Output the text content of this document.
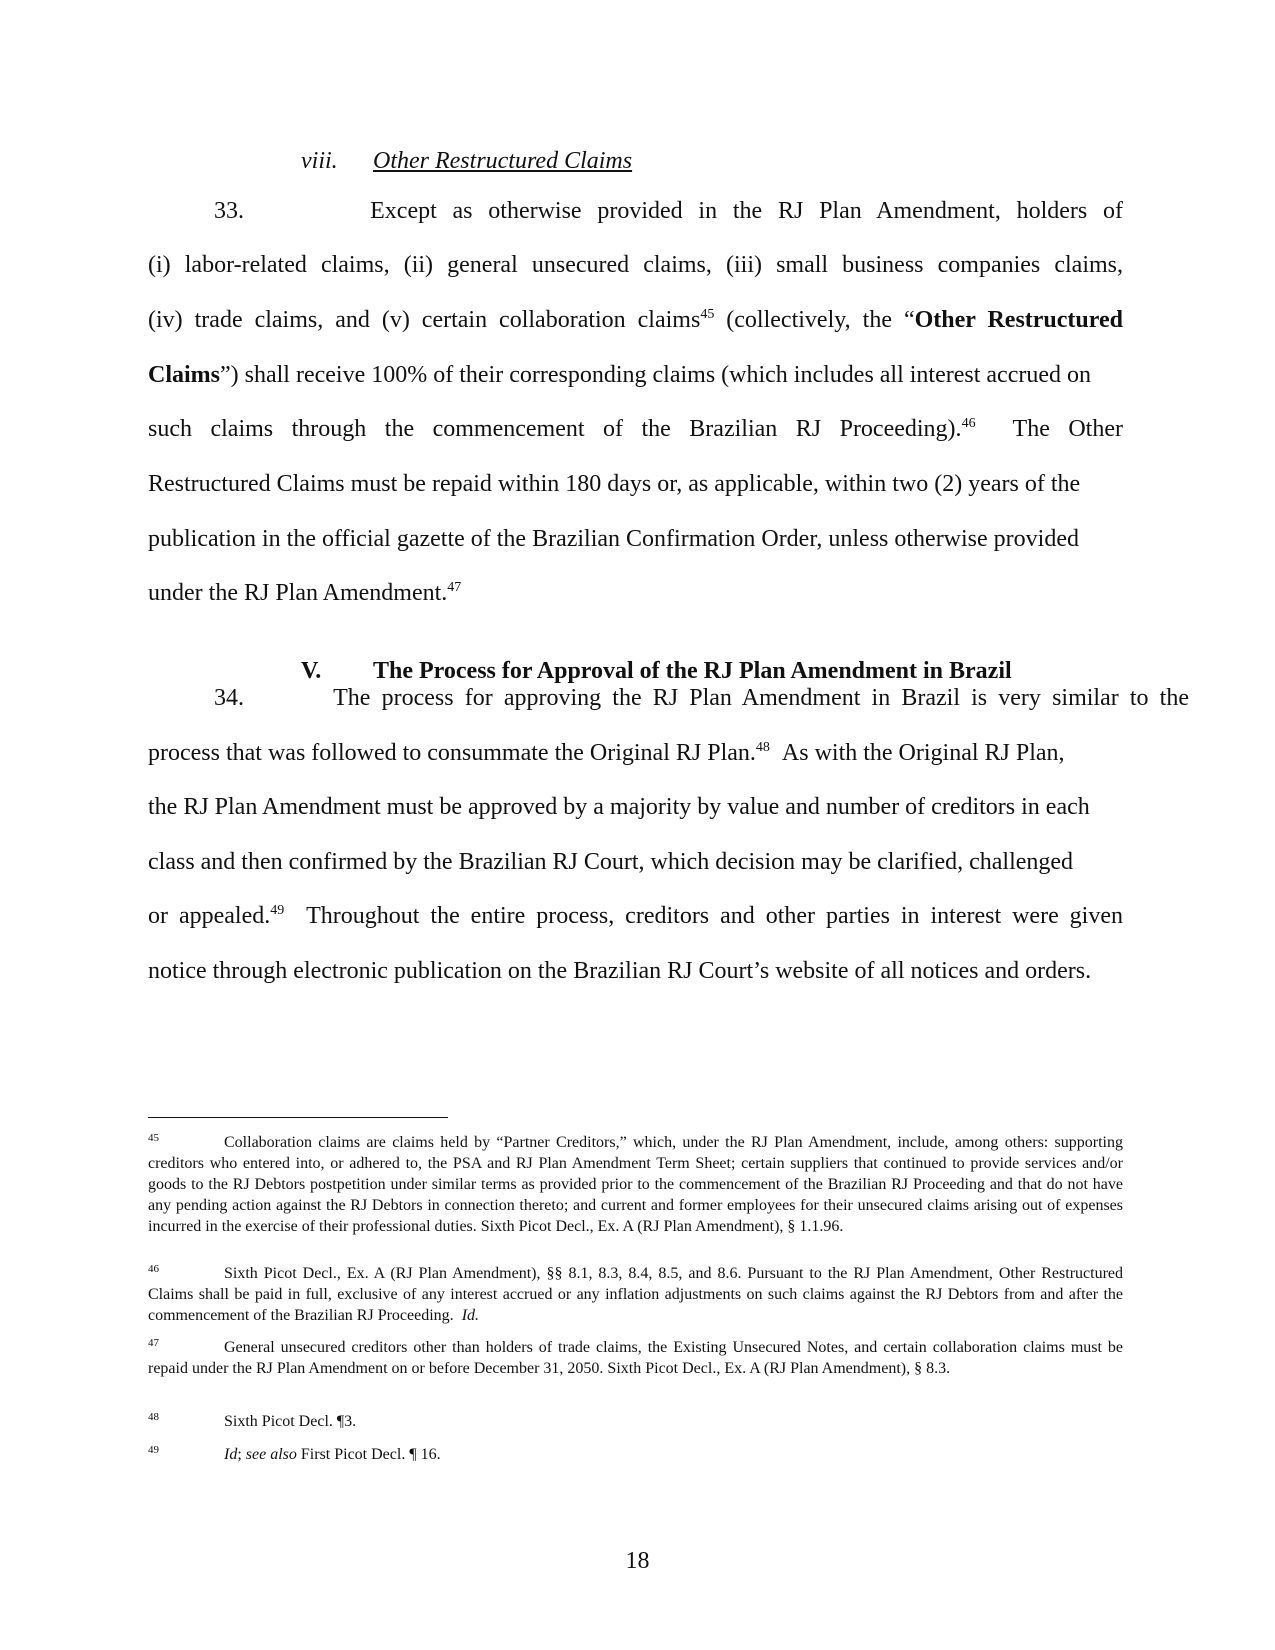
viii. Other Restructured Claims
33.        Except as otherwise provided in the RJ Plan Amendment, holders of
(i) labor-related claims, (ii) general unsecured claims, (iii) small business companies claims,
(iv) trade claims, and (v) certain collaboration claims$^{45}$ (collectively, the “Other Restructured
Claims”) shall receive 100% of their corresponding claims (which includes all interest accrued on
such claims through the commencement of the Brazilian RJ Proceeding).$^{46}$  The Other
Restructured Claims must be repaid within 180 days or, as applicable, within two (2) years of the
publication in the official gazette of the Brazilian Confirmation Order, unless otherwise provided
under the RJ Plan Amendment.$^{47}$
V. The Process for Approval of the RJ Plan Amendment in Brazil
34.        The process for approving the RJ Plan Amendment in Brazil is very similar to the
process that was followed to consummate the Original RJ Plan.$^{48}$  As with the Original RJ Plan,
the RJ Plan Amendment must be approved by a majority by value and number of creditors in each
class and then confirmed by the Brazilian RJ Court, which decision may be clarified, challenged
or appealed.$^{49}$  Throughout the entire process, creditors and other parties in interest were given
notice through electronic publication on the Brazilian RJ Court’s website of all notices and orders.
45	Collaboration claims are claims held by “Partner Creditors,” which, under the RJ Plan Amendment, include, among others: supporting creditors who entered into, or adhered to, the PSA and RJ Plan Amendment Term Sheet; certain suppliers that continued to provide services and/or goods to the RJ Debtors postpetition under similar terms as provided prior to the commencement of the Brazilian RJ Proceeding and that do not have any pending action against the RJ Debtors in connection thereto; and current and former employees for their unsecured claims arising out of expenses incurred in the exercise of their professional duties. Sixth Picot Decl., Ex. A (RJ Plan Amendment), § 1.1.96.
46	Sixth Picot Decl., Ex. A (RJ Plan Amendment), §§ 8.1, 8.3, 8.4, 8.5, and 8.6. Pursuant to the RJ Plan Amendment, Other Restructured Claims shall be paid in full, exclusive of any interest accrued or any inflation adjustments on such claims against the RJ Debtors from and after the commencement of the Brazilian RJ Proceeding. Id.
47	General unsecured creditors other than holders of trade claims, the Existing Unsecured Notes, and certain collaboration claims must be repaid under the RJ Plan Amendment on or before December 31, 2050. Sixth Picot Decl., Ex. A (RJ Plan Amendment), § 8.3.
48	Sixth Picot Decl. ¶3.
49	Id; see also First Picot Decl. ¶ 16.
18
